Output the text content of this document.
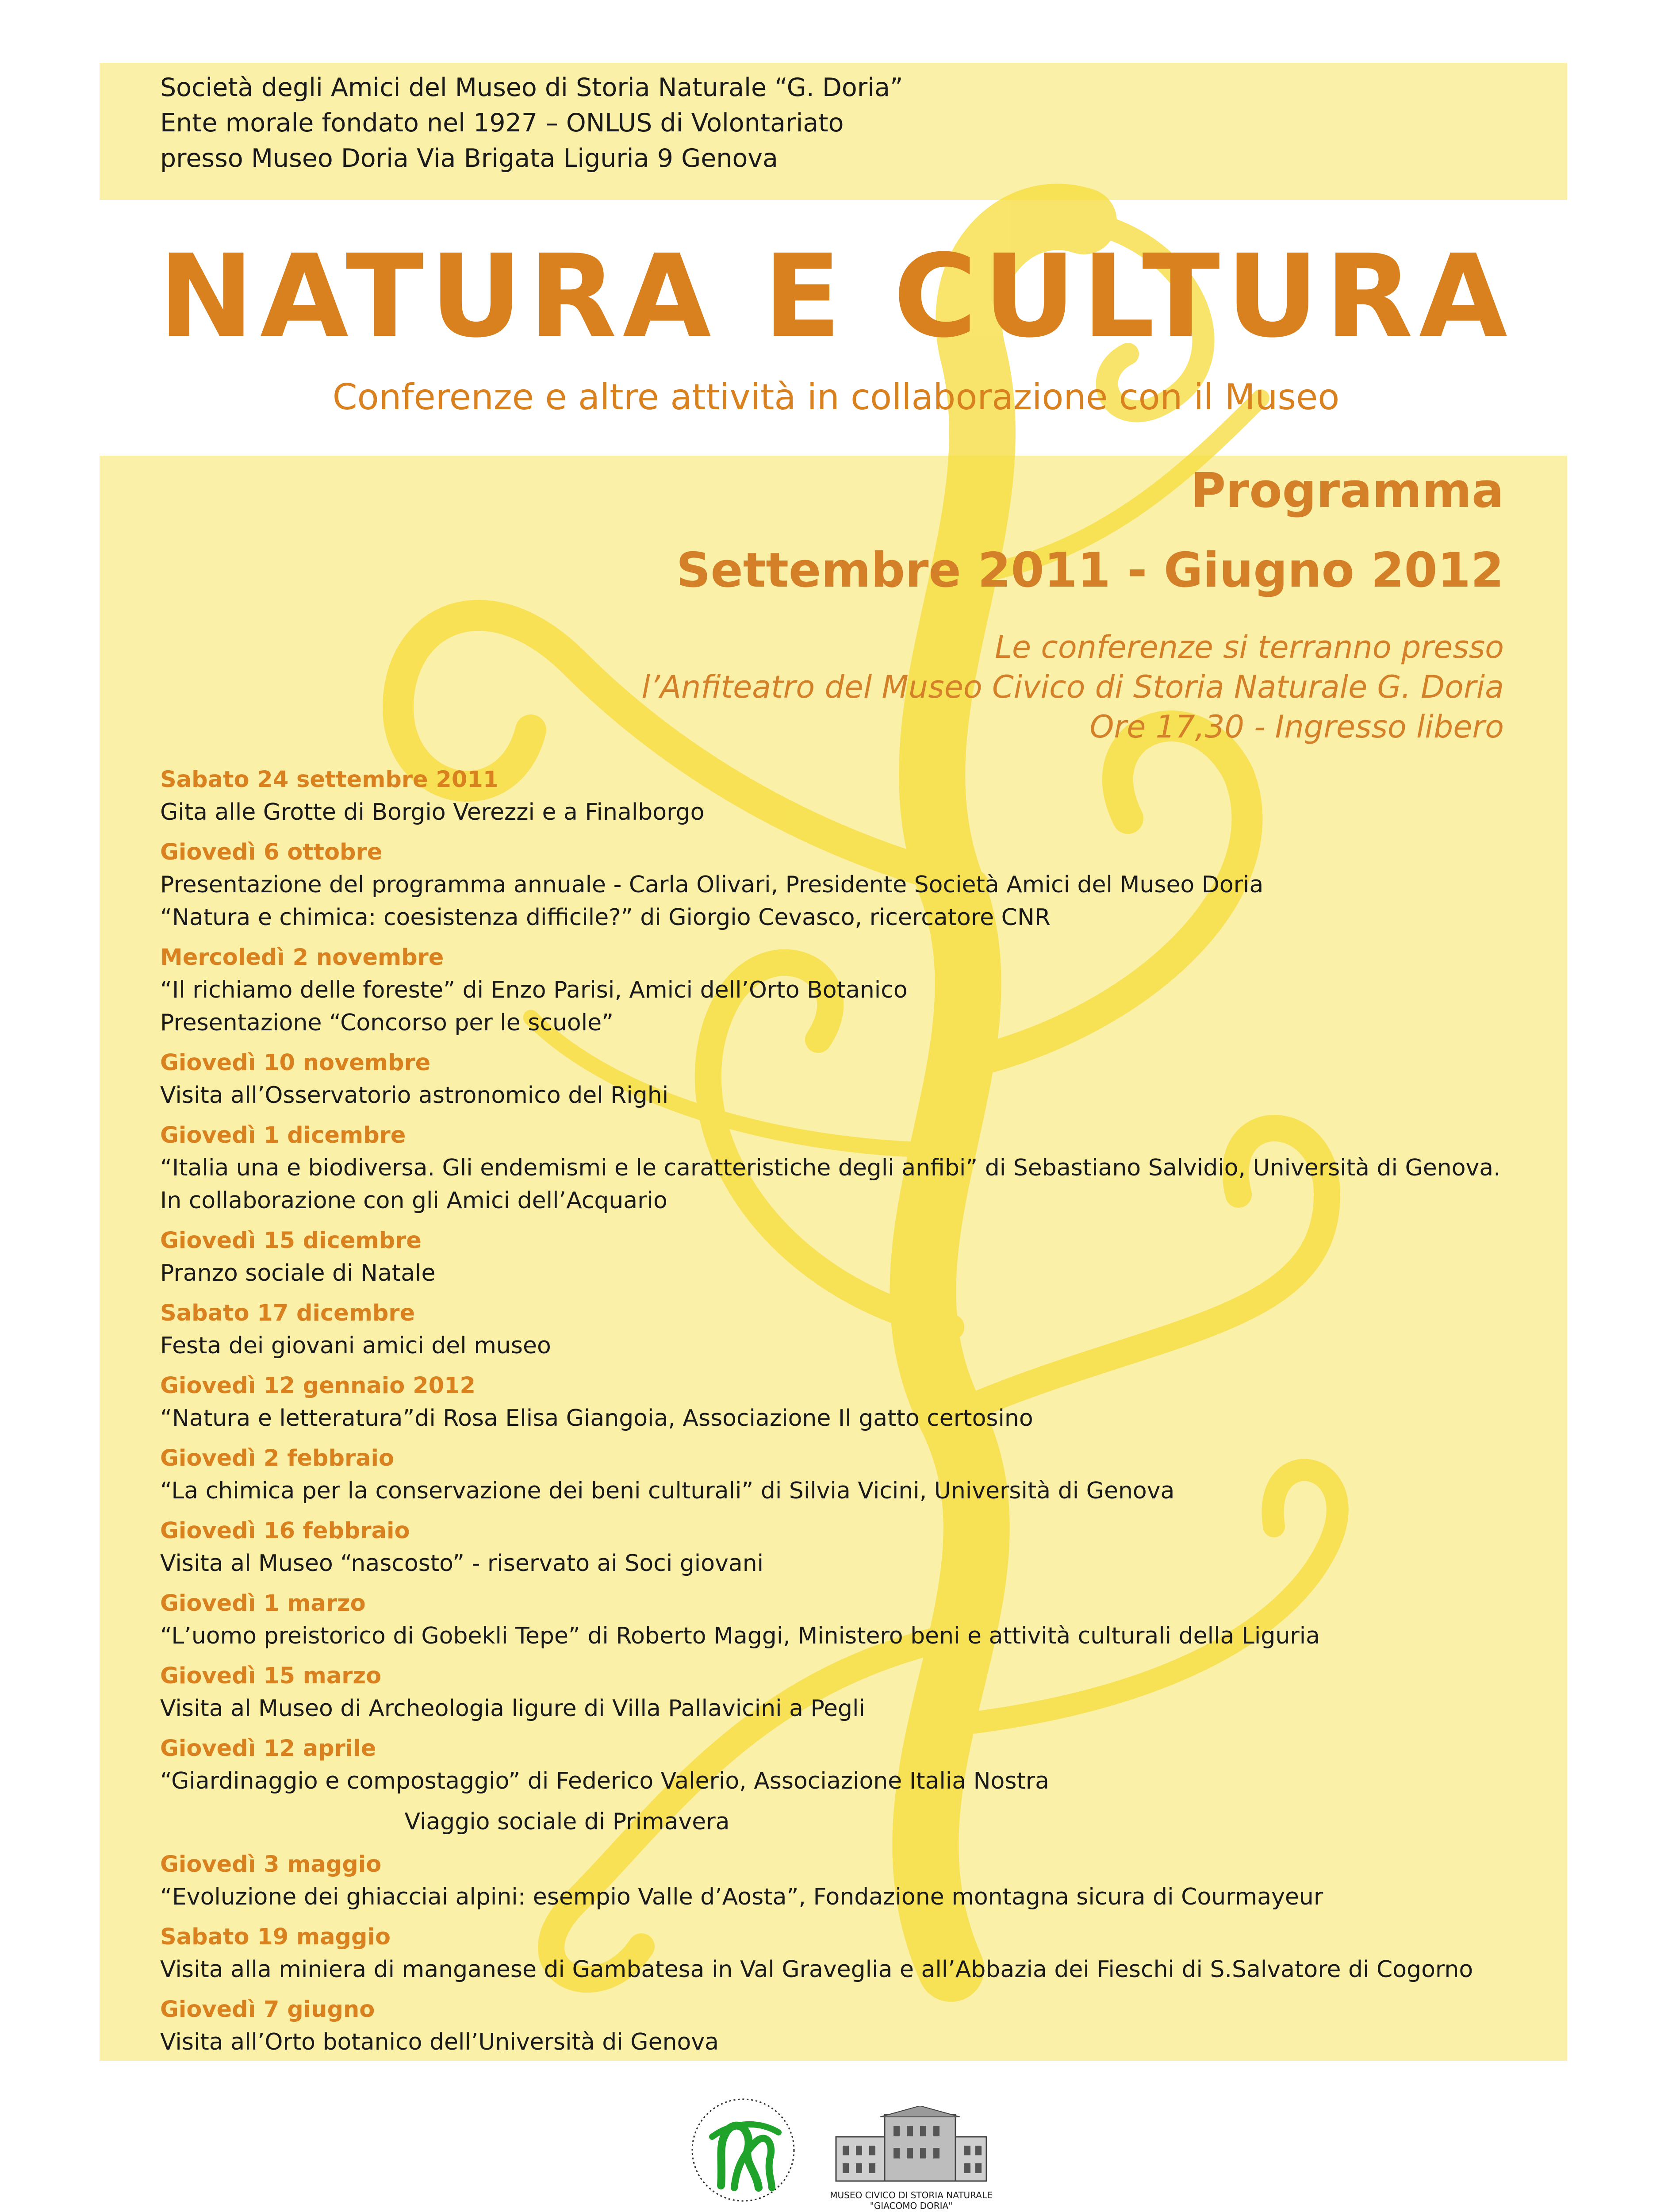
Società degli Amici del Museo di Storia Naturale “G. Doria”
Ente morale fondato nel 1927 – ONLUS di Volontariato
presso Museo Doria Via Brigata Liguria 9 Genova
NATURA E CULTURA
Conferenze e altre attività in collaborazione con il Museo
Programma
Settembre 2011 - Giugno 2012
Le conferenze si terranno presso
l’Anfiteatro del Museo Civico di Storia Naturale G. Doria
Ore 17,30 - Ingresso libero
Sabato 24 settembre 2011
Gita alle Grotte di Borgio Verezzi e a Finalborgo
Giovedì 6 ottobre
Presentazione del programma annuale - Carla Olivari, Presidente Società Amici del Museo Doria
“Natura e chimica: coesistenza difficile?” di Giorgio Cevasco, ricercatore CNR
Mercoledì 2 novembre
“Il richiamo delle foreste” di Enzo Parisi, Amici dell’Orto Botanico
Presentazione “Concorso per le scuole”
Giovedì 10 novembre
Visita all’Osservatorio astronomico del Righi
Giovedì 1 dicembre
“Italia una e biodiversa. Gli endemismi e le caratteristiche degli anfibi” di Sebastiano Salvidio, Università di Genova.
In collaborazione con gli Amici dell’Acquario
Giovedì 15 dicembre
Pranzo sociale di Natale
Sabato 17 dicembre
Festa dei giovani amici del museo
Giovedì 12 gennaio 2012
“Natura e letteratura”di Rosa Elisa Giangoia, Associazione Il gatto certosino
Giovedì 2 febbraio
“La chimica per la conservazione dei beni culturali” di Silvia Vicini, Università di Genova
Giovedì 16 febbraio
Visita al Museo “nascosto” - riservato ai Soci giovani
Giovedì 1 marzo
“L’uomo preistorico di Gobekli Tepe” di Roberto Maggi, Ministero beni e attività culturali della Liguria
Giovedì 15 marzo
Visita al Museo di Archeologia ligure di Villa Pallavicini a Pegli
Giovedì 12 aprile
“Giardinaggio e compostaggio” di Federico Valerio, Associazione Italia Nostra
Viaggio sociale di Primavera
Giovedì 3 maggio
“Evoluzione dei ghiacciai alpini: esempio Valle d’Aosta”, Fondazione montagna sicura di Courmayeur
Sabato 19 maggio
Visita alla miniera di manganese di Gambatesa in Val Graveglia e all’Abbazia dei Fieschi di S.Salvatore di Cogorno
Giovedì 7 giugno
Visita all’Orto botanico dell’Università di Genova
MUSEO CIVICO DI STORIA NATURALE
"GIACOMO DORIA"
